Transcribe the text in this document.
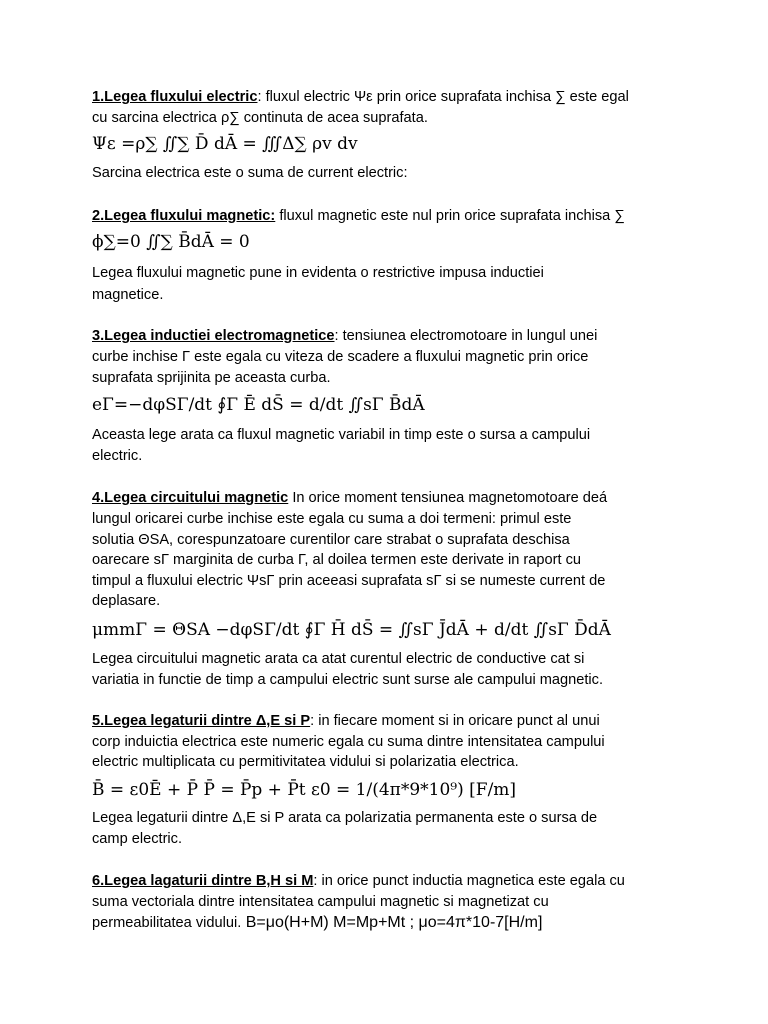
1.Legea fluxului electric: fluxul electric Ψε prin orice suprafata inchisa ∑ este egal
cu sarcina electrica ρ∑ continuta de acea suprafata.
Ψε =ρ∑ ∬∑ D̄ dĀ = ∭Δ∑ ρv dv
Sarcina electrica este o suma de current electric:
2.Legea fluxului magnetic: fluxul magnetic este nul prin orice suprafata inchisa ∑
ϕ∑=0 ∬∑ B̄dĀ = 0
Legea fluxului magnetic pune in evidenta o restrictive impusa inductiei
magnetice.
3.Legea inductiei electromagnetice: tensiunea electromotoare in lungul unei
curbe inchise Γ este egala cu viteza de scadere a fluxului magnetic prin orice
suprafata sprijinita pe aceasta curba.
eΓ=−dφSΓ/dt ∮Γ Ē dS̄ = d/dt ∬sΓ B̄dĀ
Aceasta lege arata ca fluxul magnetic variabil in timp este o sursa a campului
electric.
4.Legea circuitului magnetic In orice moment tensiunea magnetomotoare deá
lungul oricarei curbe inchise este egala cu suma a doi termeni: primul este
solutia ΘSA, corespunzatoare curentilor care strabat o suprafata deschisa
oarecare sΓ marginita de curba Γ, al doilea termen este derivate in raport cu
timpul a fluxului electric ΨsΓ prin aceeasi suprafata sΓ si se numeste current de
deplasare.
μmmΓ = ΘSA −dφSΓ/dt ∮Γ H̄ dS̄ = ∬sΓ J̄dĀ + d/dt ∬sΓ D̄dĀ
Legea circuitului magnetic arata ca atat curentul electric de conductive cat si
variatia in functie de timp a campului electric sunt surse ale campului magnetic.
5.Legea legaturii dintre Δ,E si P: in fiecare moment si in oricare punct al unui
corp induictia electrica este numeric egala cu suma dintre intensitatea campului
electric multiplicata cu permitivitatea vidului si polarizatia electrica.
B̄ = ε0Ē + P̄ P̄ = P̄p + P̄t ε0 = 1/(4π*9*10⁹) [F/m]
Legea legaturii dintre Δ,E si P arata ca polarizatia permanenta este o sursa de
camp electric.
6.Legea lagaturii dintre B,H si M: in orice punct inductia magnetica este egala cu
suma vectoriala dintre intensitatea campului magnetic si magnetizat cu
permeabilitatea vidului. B=μo(H+M) M=Mp+Mt ; μo=4π*10-7[H/m]
